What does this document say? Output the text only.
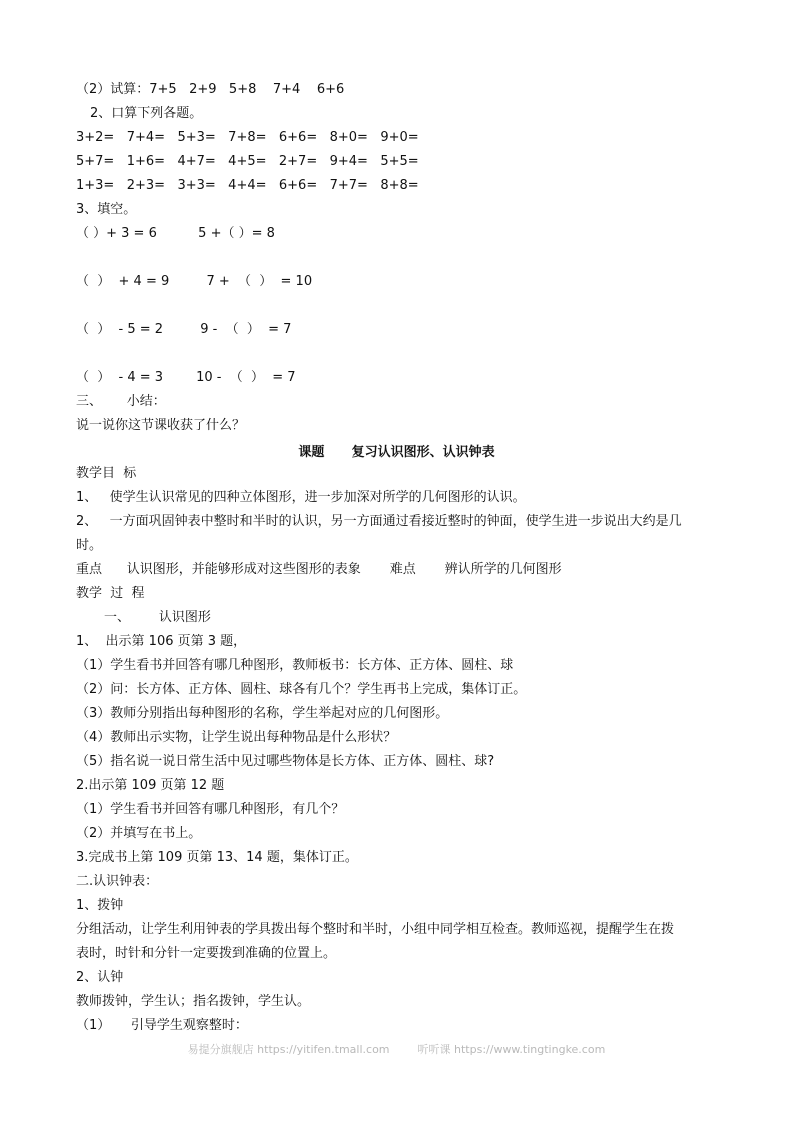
（2）试算：7+5   2+9   5+8    7+4    6+6
2、口算下列各题。
3+2=   7+4=   5+3=   7+8=   6+6=   8+0=   9+0=
5+7=   1+6=   4+7=   4+5=   2+7=   9+4=   5+5=
1+3=   2+3=   3+3=   4+4=   6+6=   7+7=   8+8=
3、填空。
（ ）+ 3 = 6          5 +（ ）= 8
（  ）  + 4 = 9         7 +  （  ）  = 10
（  ）  - 5 = 2         9 -  （  ）  = 7
（  ）  - 4 = 3        10 -  （  ）  = 7
三、      小结：
说一说你这节课收获了什么？
课题      复习认识图形、认识钟表
教学目  标
1、   使学生认识常见的四种立体图形，进一步加深对所学的几何图形的认识。
2、   一方面巩固钟表中整时和半时的认识，另一方面通过看接近整时的钟面，使学生进一步说出大约是几
时。
重点      认识图形，并能够形成对这些图形的表象       难点       辨认所学的几何图形
教学  过  程
一、       认识图形
1、  出示第 106 页第 3 题，
（1）学生看书并回答有哪几种图形，教师板书：长方体、正方体、圆柱、球
（2）问：长方体、正方体、圆柱、球各有几个？学生再书上完成，集体订正。
（3）教师分别指出每种图形的名称，学生举起对应的几何图形。
（4）教师出示实物，让学生说出每种物品是什么形状？
（5）指名说一说日常生活中见过哪些物体是长方体、正方体、圆柱、球?
2.出示第 109 页第 12 题
（1）学生看书并回答有哪几种图形，有几个？
（2）并填写在书上。
3.完成书上第 109 页第 13、14 题，集体订正。
二.认识钟表：
1、拨钟
分组活动，让学生利用钟表的学具拨出每个整时和半时，小组中同学相互检查。教师巡视，提醒学生在拨
表时，时针和分针一定要拨到准确的位置上。
2、认钟
教师拨钟，学生认；指名拨钟，学生认。
（1）     引导学生观察整时：
易提分旗舰店 https://yitifen.tmall.com	听听课 https://www.tingtingke.com
